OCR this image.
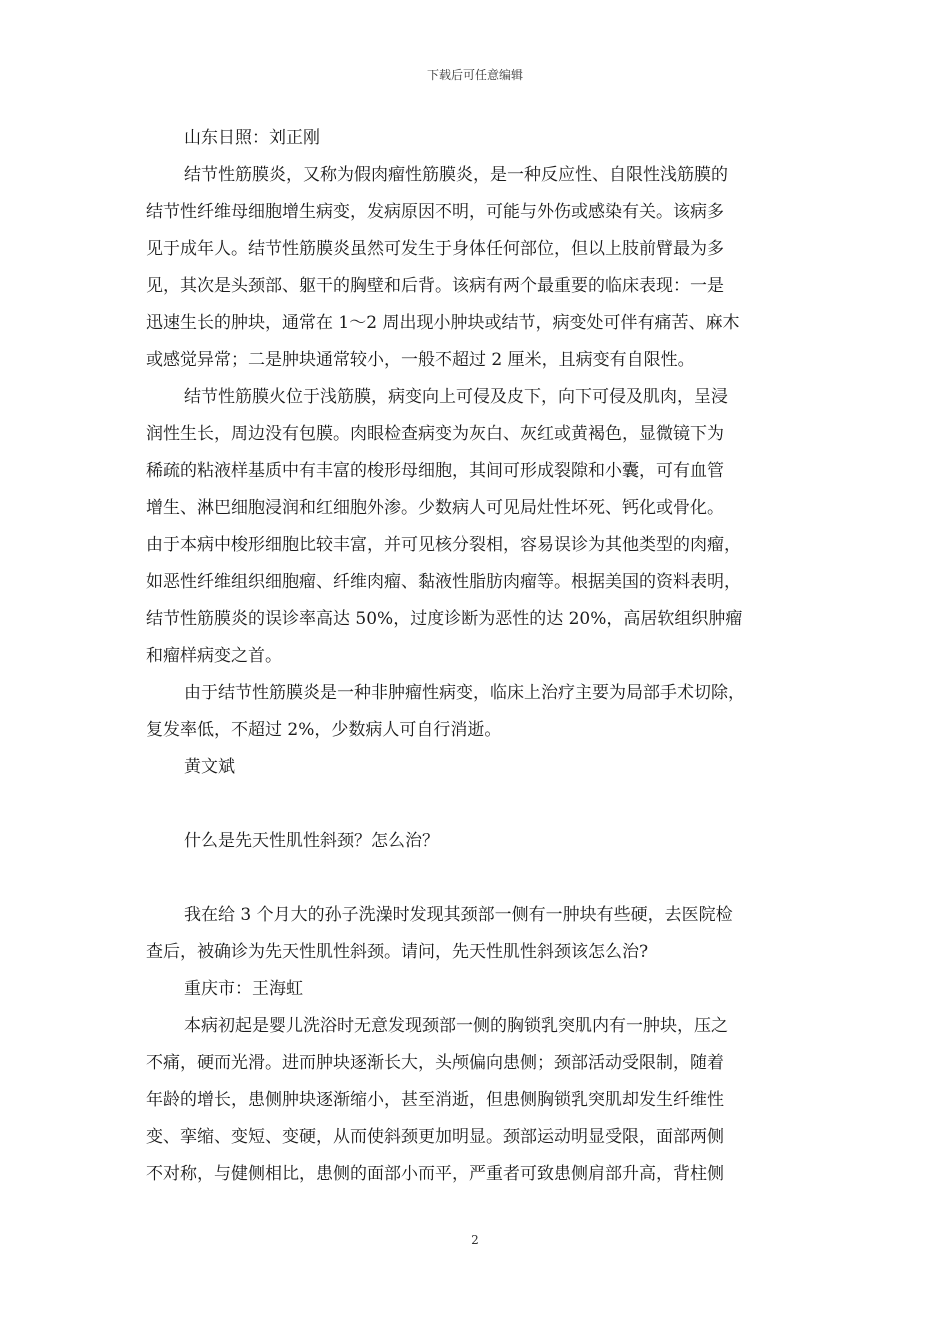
下载后可任意编辑
山东日照：刘正刚
结节性筋膜炎，又称为假肉瘤性筋膜炎，是一种反应性、自限性浅筋膜的
结节性纤维母细胞增生病变，发病原因不明，可能与外伤或感染有关。该病多
见于成年人。结节性筋膜炎虽然可发生于身体任何部位，但以上肢前臂最为多
见，其次是头颈部、躯干的胸壁和后背。该病有两个最重要的临床表现：一是
迅速生长的肿块，通常在 1～2 周出现小肿块或结节，病变处可伴有痛苦、麻木
或感觉异常；二是肿块通常较小，一般不超过 2 厘米，且病变有自限性。
结节性筋膜火位于浅筋膜，病变向上可侵及皮下，向下可侵及肌肉，呈浸
润性生长，周边没有包膜。肉眼检查病变为灰白、灰红或黄褐色，显微镜下为
稀疏的粘液样基质中有丰富的梭形母细胞，其间可形成裂隙和小囊，可有血管
增生、淋巴细胞浸润和红细胞外渗。少数病人可见局灶性坏死、钙化或骨化。
由于本病中梭形细胞比较丰富，并可见核分裂相，容易误诊为其他类型的肉瘤，
如恶性纤维组织细胞瘤、纤维肉瘤、黏液性脂肪肉瘤等。根据美国的资料表明，
结节性筋膜炎的误诊率高达 50%，过度诊断为恶性的达 20%，高居软组织肿瘤
和瘤样病变之首。
由于结节性筋膜炎是一种非肿瘤性病变，临床上治疗主要为局部手术切除，
复发率低，不超过 2%，少数病人可自行消逝。
黄文斌
什么是先天性肌性斜颈？怎么治？
我在给 3 个月大的孙子洗澡时发现其颈部一侧有一肿块有些硬，去医院检
查后，被确诊为先天性肌性斜颈。请问，先天性肌性斜颈该怎么治?
重庆市：王海虹
本病初起是婴儿洗浴时无意发现颈部一侧的胸锁乳突肌内有一肿块，压之
不痛，硬而光滑。进而肿块逐渐长大，头颅偏向患侧；颈部活动受限制，随着
年龄的增长，患侧肿块逐渐缩小，甚至消逝，但患侧胸锁乳突肌却发生纤维性
变、挛缩、变短、变硬，从而使斜颈更加明显。颈部运动明显受限，面部两侧
不对称，与健侧相比，患侧的面部小而平，严重者可致患侧肩部升高，背柱侧
2
